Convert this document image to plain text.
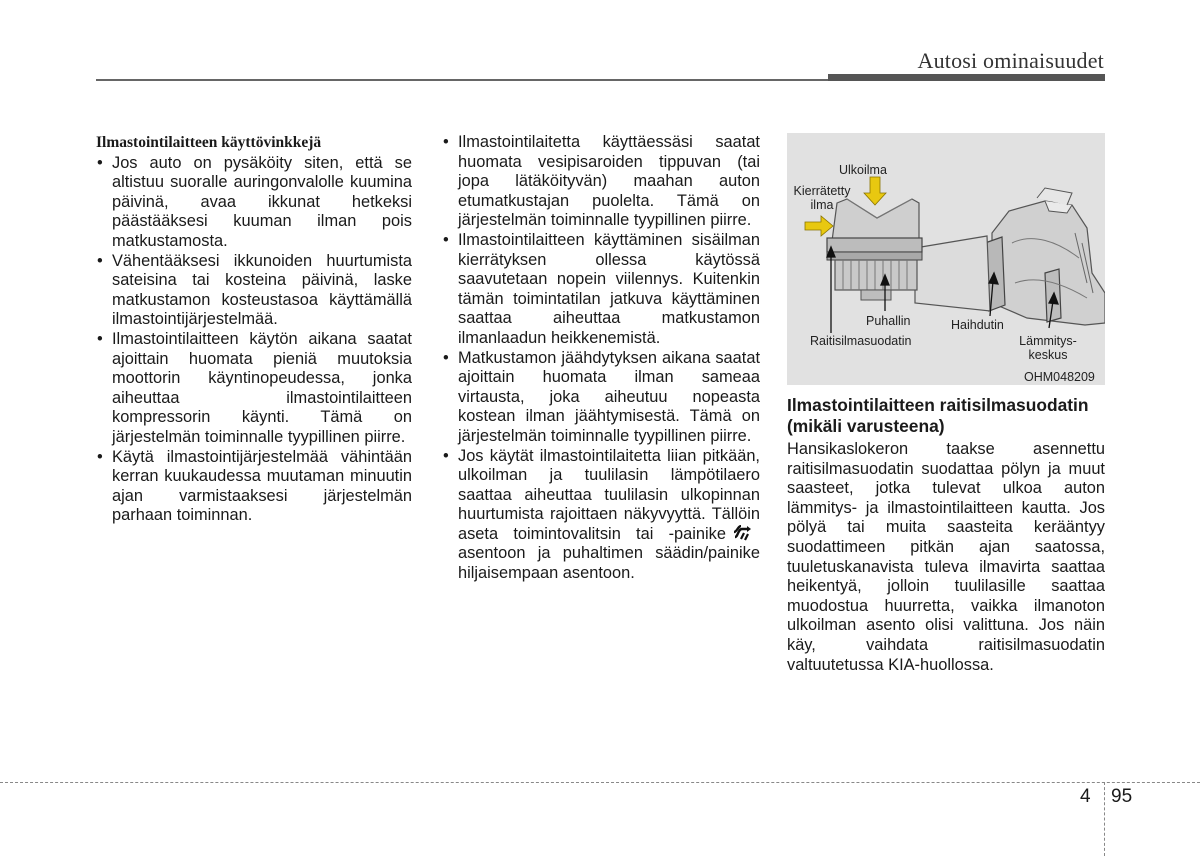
Autosi ominaisuudet
Ilmastointilaitteen käyttövinkkejä
• Jos auto on pysäköity siten, että se altistuu suoralle auringonvalolle kuumina päivinä, avaa ikkunat hetkeksi päästääksesi kuuman ilman pois matkustamosta.
• Vähentääksesi ikkunoiden huurtumista sateisina tai kosteina päivinä, laske matkustamon kosteustasoa käyttämällä ilmastointijärjestelmää.
• Ilmastointilaitteen käytön aikana saatat ajoittain huomata pieniä muutoksia moottorin käyntinopeudessa, jonka aiheuttaa ilmastointilaitteen kompressorin käynti. Tämä on järjestelmän toiminnalle tyypillinen piirre.
• Käytä ilmastointijärjestelmää vähintään kerran kuukaudessa muutaman minuutin ajan varmistaaksesi järjestelmän parhaan toiminnan.
• Ilmastointilaitetta käyttäessäsi saatat huomata vesipisaroiden tippuvan (tai jopa lätäköityvän) maahan auton etumatkustajan puolelta. Tämä on järjestelmän toiminnalle tyypillinen piirre.
• Ilmastointilaitteen käyttäminen sisäilman kierrätyksen ollessa käytössä saavutetaan nopein viilennys. Kuitenkin tämän toimintatilan jatkuva käyttäminen saattaa aiheuttaa matkustamon ilmanlaadun heikkenemistä.
• Matkustamon jäähdytyksen aikana saatat ajoittain huomata ilman sameaa virtausta, joka aiheutuu nopeasta kostean ilman jäähtymisestä. Tämä on järjestelmän toiminnalle tyypillinen piirre.
• Jos käytät ilmastointilaitetta liian pitkään, ulkoilman ja tuulilasin lämpötilaero saattaa aiheuttaa tuulilasin ulkopinnan huurtumista rajoittaen näkyvyyttä. Tällöin aseta toimintovalitsin tai -painikeasentoon ja puhaltimen säädin/painike hiljaisempaan asentoon.
Ulkoilma
Kierrätetty ilma
Puhallin	Haihdutin
Raitisilmasuodatin	Lämmitys-keskus
OHM048209
Ilmastointilaitteen raitisilmasuodatin (mikäli varusteena)

Hansikaslokeron taakse asennettu raitisilmasuodatin suodattaa pölyn ja muut saasteet, jotka tulevat ulkoa auton lämmitys- ja ilmastointilaitteen kautta. Jos pölyä tai muita saasteita kerääntyy suodattimeen pitkän ajan saatossa, tuuletuskanavista tuleva ilmavirta saattaa heikentyä, jolloin tuulilasille saattaa muodostua huurretta, vaikka ilmanoton ulkoilman asento olisi valittuna. Jos näin käy, vaihdata raitisilmasuodatin valtuutetussa KIA-huollossa.

4 95
